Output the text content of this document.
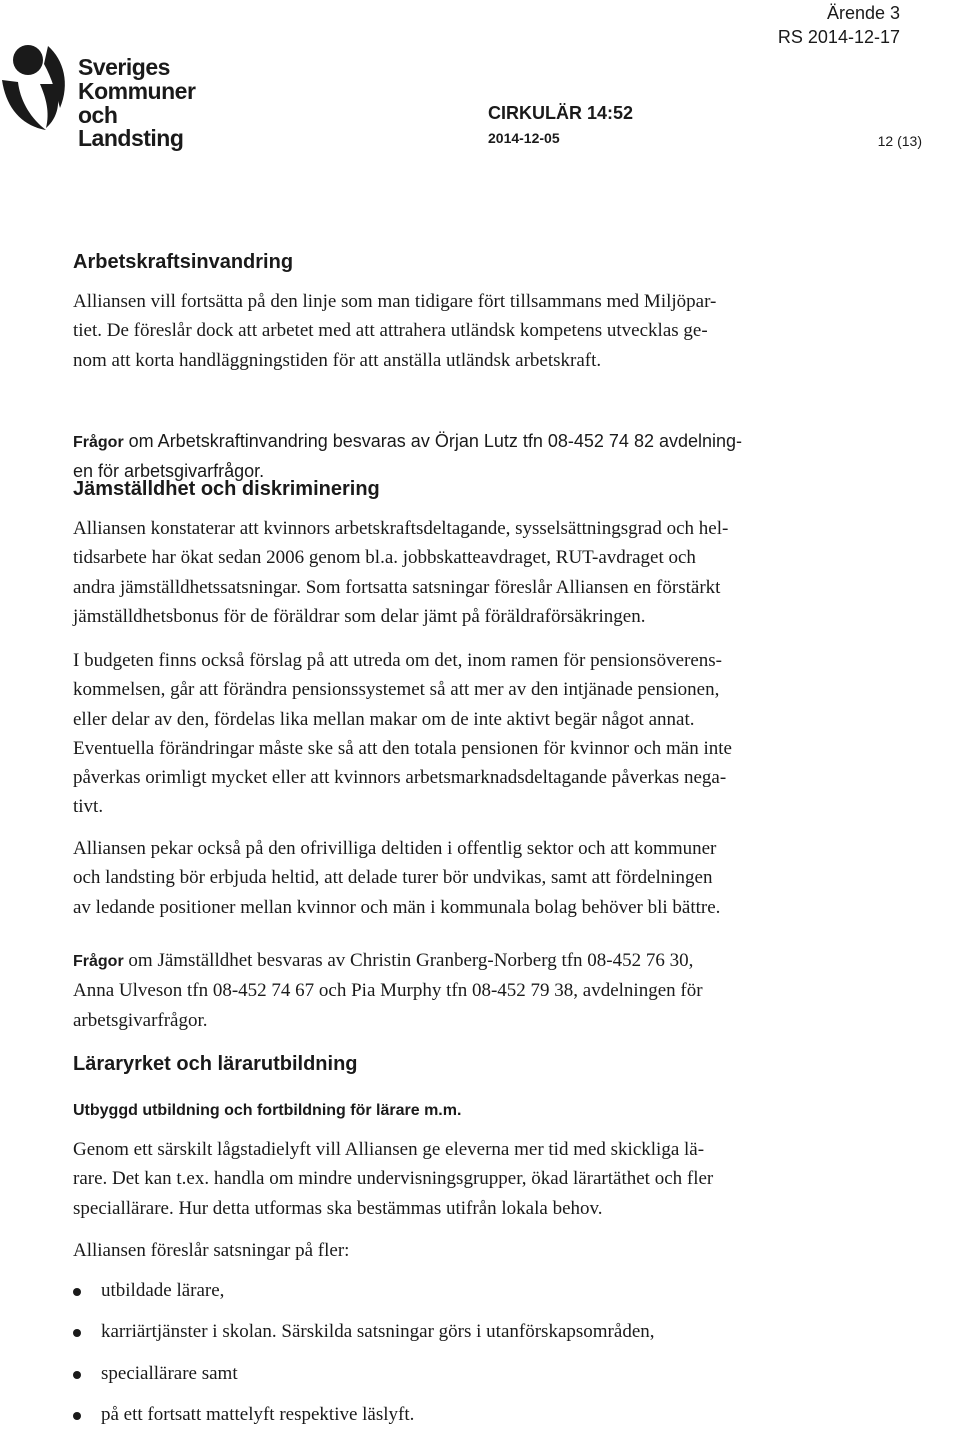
Sveriges
Kommuner
och Landsting
Ärende 3
RS 2014-12-17
CIRKULÄR 14:52
2014-12-05	12 (13)
Arbetskraftsinvandring
Alliansen vill fortsätta på den linje som man tidigare fört tillsammans med Miljöpar-
tiet. De föreslår dock att arbetet med att attrahera utländsk kompetens utvecklas ge-
nom att korta handläggningstiden för att anställa utländsk arbetskraft.
Frågor om Arbetskraftinvandring besvaras av Örjan Lutz tfn 08-452 74 82 avdelning-
en för arbetsgivarfrågor.
Jämställdhet och diskriminering
Alliansen konstaterar att kvinnors arbetskraftsdeltagande, sysselsättningsgrad och hel-
tidsarbete har ökat sedan 2006 genom bl.a. jobbskatteavdraget, RUT-avdraget och
andra jämställdhetssatsningar. Som fortsatta satsningar föreslår Alliansen en förstärkt
jämställdhetsbonus för de föräldrar som delar jämt på föräldraförsäkringen.
I budgeten finns också förslag på att utreda om det, inom ramen för pensionsöverens-
kommelsen, går att förändra pensionssystemet så att mer av den intjänade pensionen,
eller delar av den, fördelas lika mellan makar om de inte aktivt begär något annat.
Eventuella förändringar måste ske så att den totala pensionen för kvinnor och män inte
påverkas orimligt mycket eller att kvinnors arbetsmarknadsdeltagande påverkas nega-
tivt.
Alliansen pekar också på den ofrivilliga deltiden i offentlig sektor och att kommuner
och landsting bör erbjuda heltid, att delade turer bör undvikas, samt att fördelningen
av ledande positioner mellan kvinnor och män i kommunala bolag behöver bli bättre.
Frågor om Jämställdhet besvaras av Christin Granberg-Norberg tfn 08-452 76 30,
Anna Ulveson tfn 08-452 74 67 och Pia Murphy tfn 08-452 79 38, avdelningen för
arbetsgivarfrågor.
Läraryrket och lärarutbildning
Utbyggd utbildning och fortbildning för lärare m.m.
Genom ett särskilt lågstadielyft vill Alliansen ge eleverna mer tid med skickliga lä-
rare. Det kan t.ex. handla om mindre undervisningsgrupper, ökad lärartäthet och fler
speciallärare. Hur detta utformas ska bestämmas utifrån lokala behov.
Alliansen föreslår satsningar på fler:
utbildade lärare,
karriärtjänster i skolan. Särskilda satsningar görs i utanförskapsområden,
speciallärare samt
på ett fortsatt mattelyft respektive läslyft.
